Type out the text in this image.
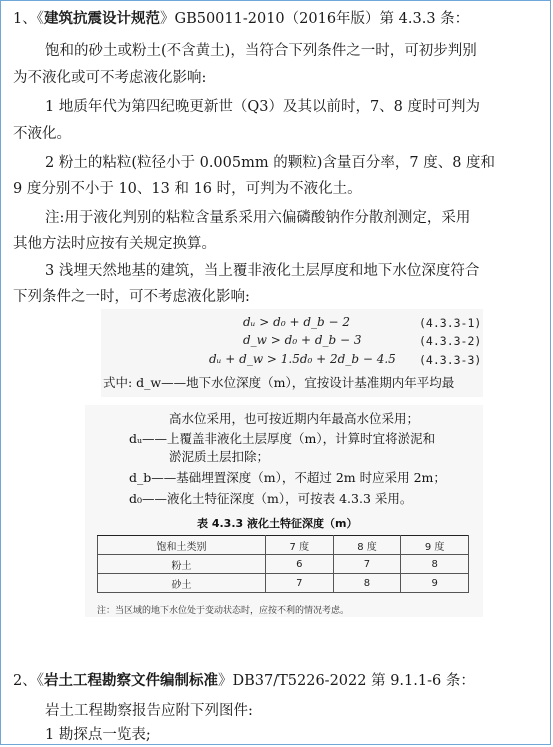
1、《建筑抗震设计规范》GB50011-2010（2016年版）第 4.3.3 条：
饱和的砂土或粉土(不含黄土)，当符合下列条件之一时，可初步判别
为不液化或可不考虑液化影响:
1 地质年代为第四纪晚更新世（Q3）及其以前时，7、8 度时可判为
不液化。
2 粉土的粘粒(粒径小于 0.005mm 的颗粒)含量百分率，7 度、8 度和
9 度分别不小于 10、13 和 16 时，可判为不液化土。
注:用于液化判别的粘粒含量系采用六偏磷酸钠作分散剂测定，采用
其他方法时应按有关规定换算。
3 浅埋天然地基的建筑，当上覆非液化土层厚度和地下水位深度符合
下列条件之一时，可不考虑液化影响:
dᵤ > d₀ + d_b − 2	(4.3.3-1)
d_w > d₀ + d_b − 3	(4.3.3-2)
dᵤ + d_w > 1.5d₀ + 2d_b − 4.5 (4.3.3-3)
式中: d_w——地下水位深度（m），宜按设计基准期内年平均最
高水位采用，也可按近期内年最高水位采用；
dᵤ——上覆盖非液化土层厚度（m），计算时宜将淤泥和
淤泥质土层扣除；
d_b——基础埋置深度（m），不超过 2m 时应采用 2m；
d₀——液化土特征深度（m），可按表 4.3.3 采用。
表 4.3.3 液化土特征深度（m）
饱和土类别	7 度	8 度	9 度
粉土	6	7	8
砂土	7	8	9
注：当区域的地下水位处于变动状态时，应按不利的情况考虑。
2、《岩土工程勘察文件编制标准》DB37/T5226-2022 第 9.1.1-6 条：
岩土工程勘察报告应附下列图件:
1 勘探点一览表;
